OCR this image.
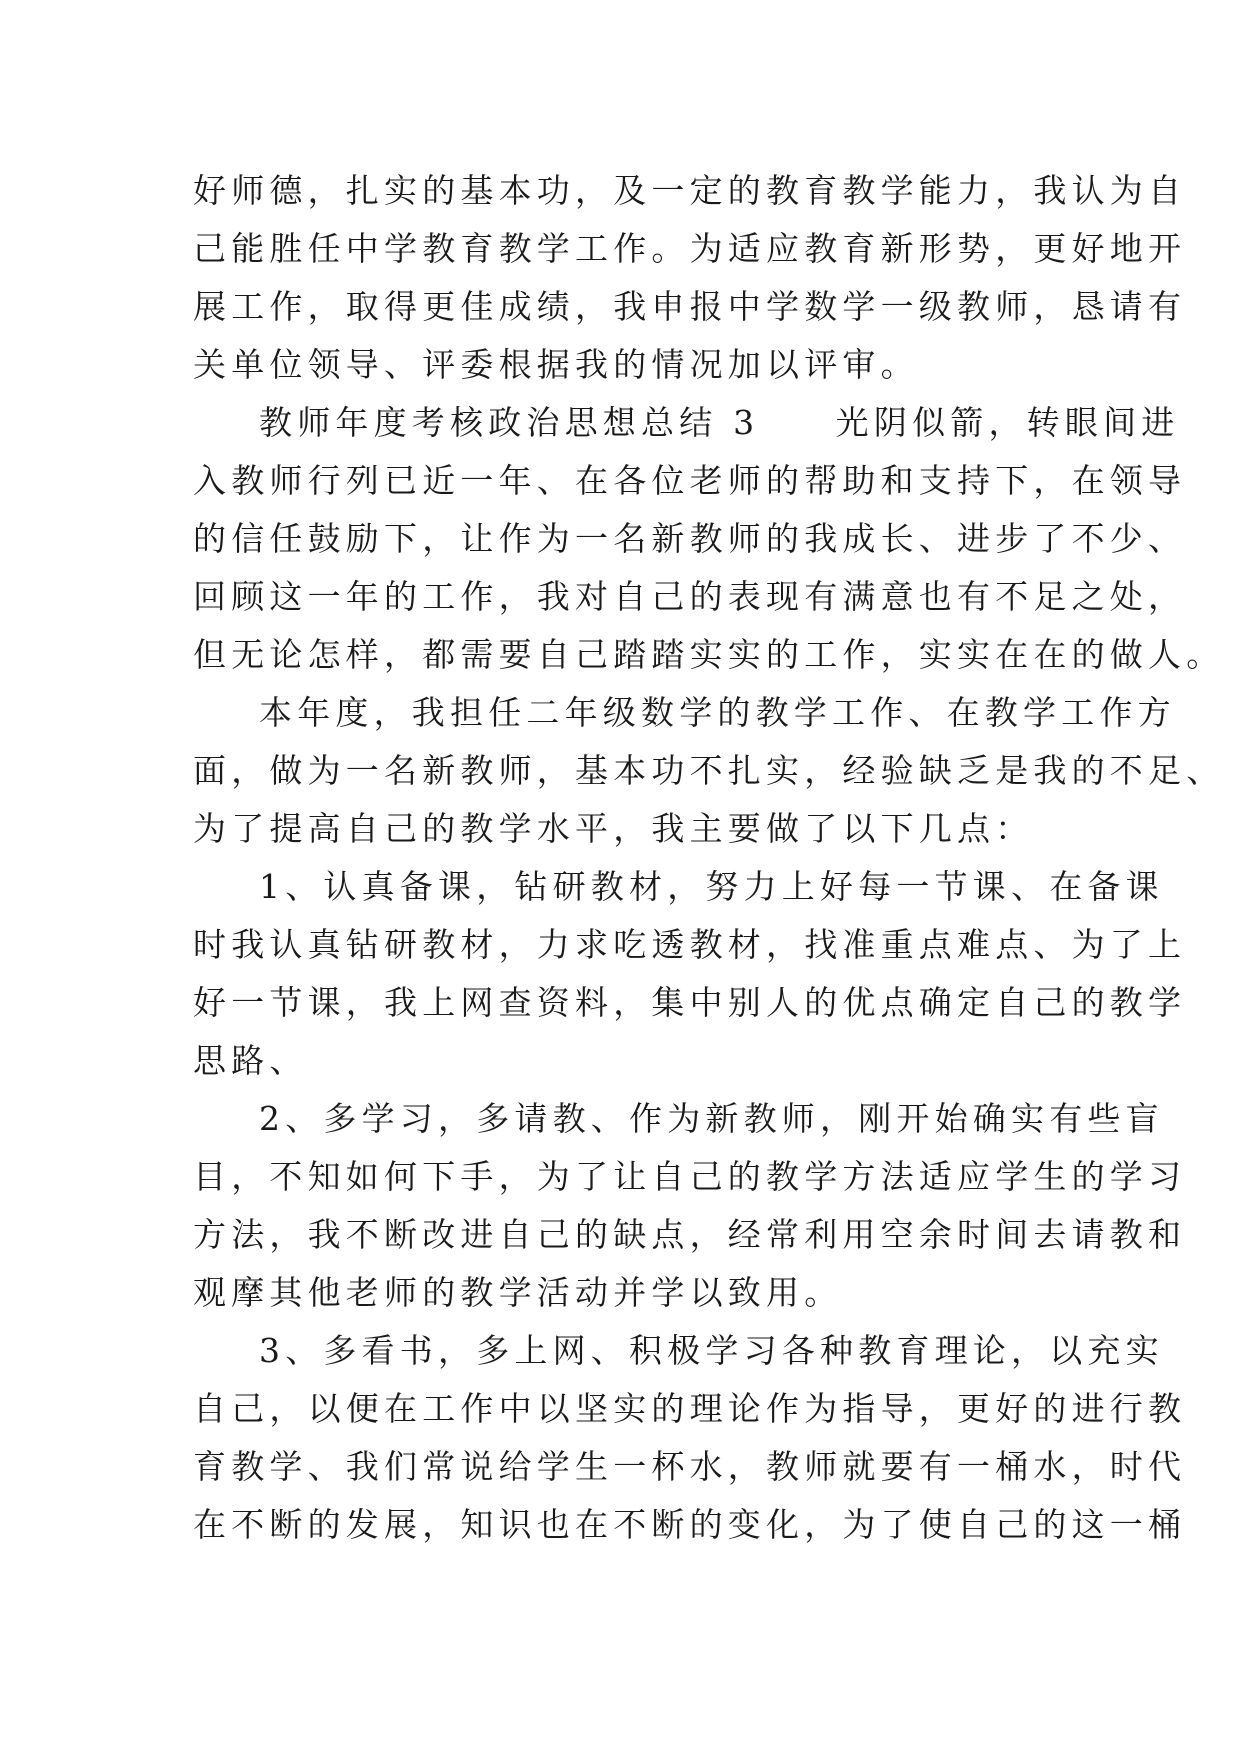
好师德，扎实的基本功，及一定的教育教学能力，我认为自
己能胜任中学教育教学工作。为适应教育新形势，更好地开
展工作，取得更佳成绩，我申报中学数学一级教师，恳请有
关单位领导、评委根据我的情况加以评审。
教师年度考核政治思想总结 3　　光阴似箭，转眼间进
入教师行列已近一年、在各位老师的帮助和支持下，在领导
的信任鼓励下，让作为一名新教师的我成长、进步了不少、
回顾这一年的工作，我对自己的表现有满意也有不足之处，
但无论怎样，都需要自己踏踏实实的工作，实实在在的做人。
本年度，我担任二年级数学的教学工作、在教学工作方
面，做为一名新教师，基本功不扎实，经验缺乏是我的不足、
为了提高自己的教学水平，我主要做了以下几点：
1、认真备课，钻研教材，努力上好每一节课、在备课
时我认真钻研教材，力求吃透教材，找准重点难点、为了上
好一节课，我上网查资料，集中别人的优点确定自己的教学
思路、
2、多学习，多请教、作为新教师，刚开始确实有些盲
目，不知如何下手，为了让自己的教学方法适应学生的学习
方法，我不断改进自己的缺点，经常利用空余时间去请教和
观摩其他老师的教学活动并学以致用。
3、多看书，多上网、积极学习各种教育理论，以充实
自己，以便在工作中以坚实的理论作为指导，更好的进行教
育教学、我们常说给学生一杯水，教师就要有一桶水，时代
在不断的发展，知识也在不断的变化，为了使自己的这一桶
